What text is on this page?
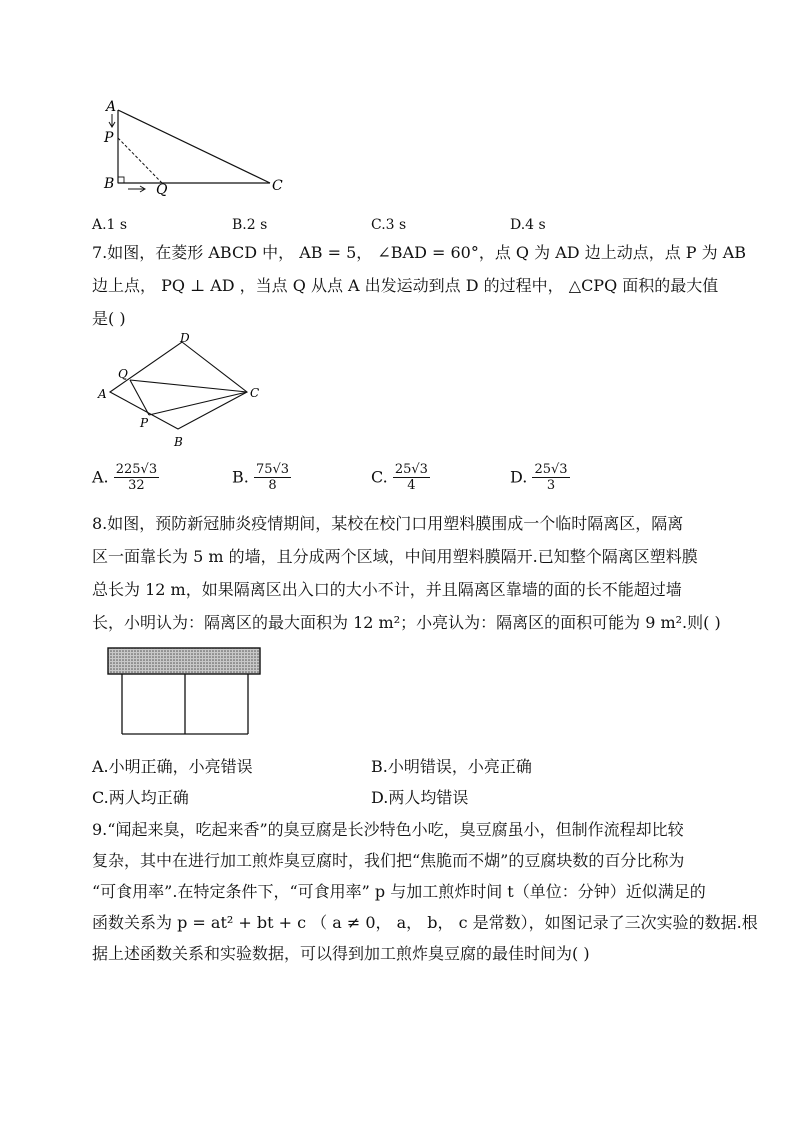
A
P
B	Q	C
A.1 s	B.2 s	C.3 s	D.4 s
7.如图，在菱形 ABCD 中， AB = 5， ∠BAD = 60°，点 Q 为 AD 边上动点，点 P 为 AB
边上点， PQ ⊥ AD ，当点 Q 从点 A 出发运动到点 D 的过程中， △CPQ 面积的最大值
是( )
D
Q
A	C
P
B
A. $\frac{225√3}{32}$	B. $\frac{75√3}{8}$	C. $\frac{25√3}{4}$	D. $\frac{25√3}{3}$
8.如图，预防新冠肺炎疫情期间，某校在校门口用塑料膜围成一个临时隔离区，隔离
区一面靠长为 5 m 的墙，且分成两个区域，中间用塑料膜隔开.已知整个隔离区塑料膜
总长为 12 m，如果隔离区出入口的大小不计，并且隔离区靠墙的面的长不能超过墙
长，小明认为：隔离区的最大面积为 12 m²；小亮认为：隔离区的面积可能为 9 m².则( )
A.小明正确，小亮错误	B.小明错误，小亮正确
C.两人均正确	D.两人均错误
9.“闻起来臭，吃起来香”的臭豆腐是长沙特色小吃，臭豆腐虽小，但制作流程却比较
复杂，其中在进行加工煎炸臭豆腐时，我们把“焦脆而不煳”的豆腐块数的百分比称为
“可食用率”.在特定条件下，“可食用率” p 与加工煎炸时间 t（单位：分钟）近似满足的
函数关系为 p = at² + bt + c （ a ≠ 0， a， b， c 是常数），如图记录了三次实验的数据.根
据上述函数关系和实验数据，可以得到加工煎炸臭豆腐的最佳时间为( )
